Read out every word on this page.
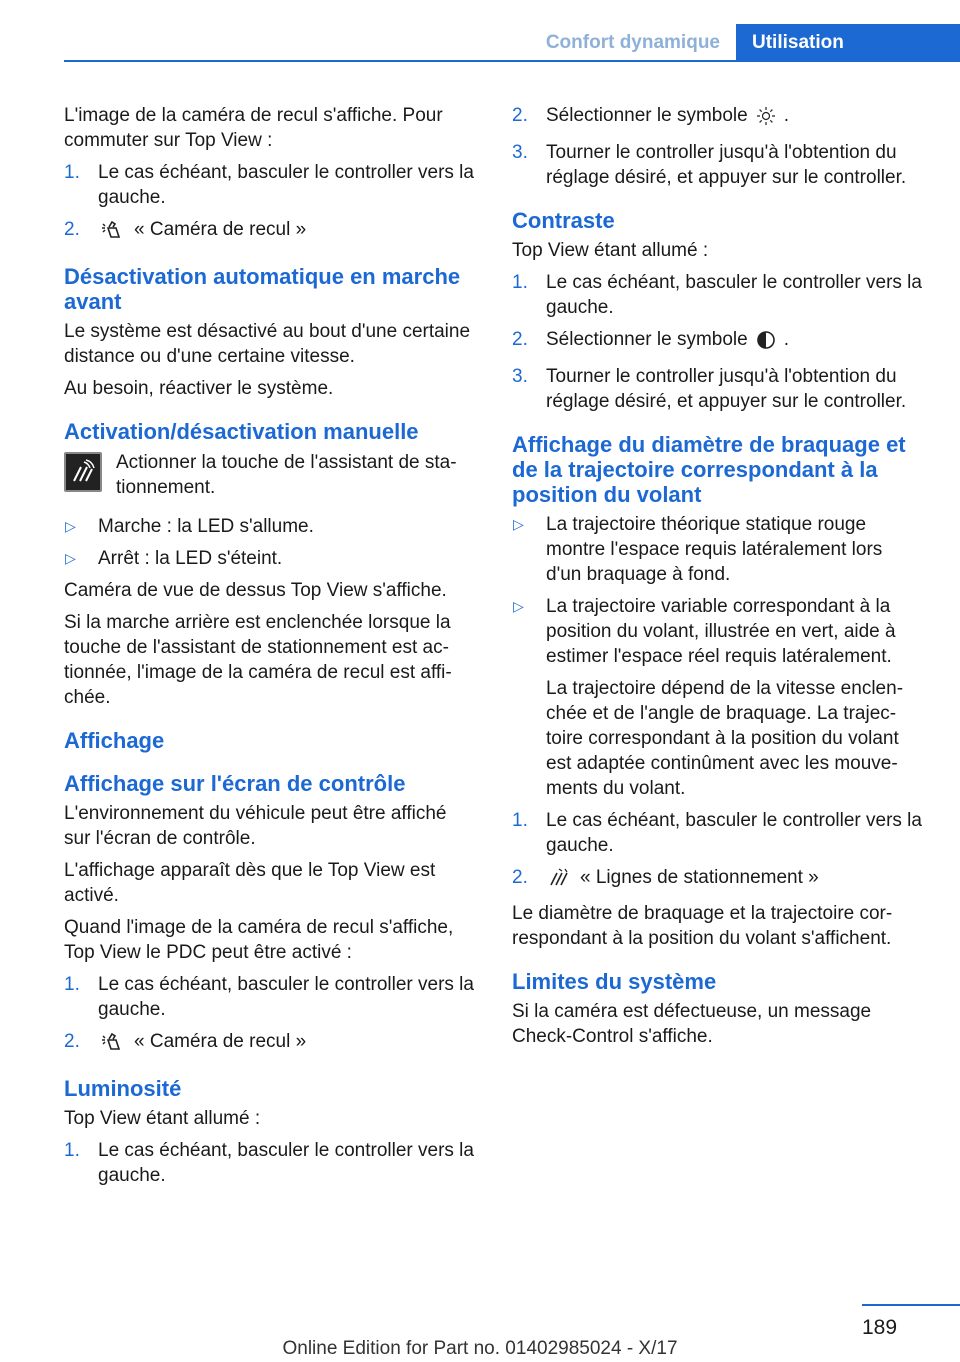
Confort dynamique	Utilisation

L'image de la caméra de recul s'affiche. Pour commuter sur Top View :

1. Le cas échéant, basculer le controller vers la gauche.
2.	« Caméra de recul »
Désactivation automatique en marche avant

Le système est désactivé au bout d'une certaine distance ou d'une certaine vitesse.

Au besoin, réactiver le système.

Activation/désactivation manuelle
Actionner la touche de l'assistant de stationnement.
▷ Marche : la LED s'allume.
▷ Arrêt : la LED s'éteint.

Caméra de vue de dessus Top View s'affiche.

Si la marche arrière est enclenchée lorsque la touche de l'assistant de stationnement est actionnée, l'image de la caméra de recul est affichée.

Affichage
Affichage sur l'écran de contrôle

L'environnement du véhicule peut être affiché sur l'écran de contrôle.

L'affichage apparaît dès que le Top View est activé.

Quand l'image de la caméra de recul s'affiche, Top View le PDC peut être activé :

1. Le cas échéant, basculer le controller vers la gauche.
2.	« Caméra de recul »
Luminosité

Top View étant allumé :

1. Le cas échéant, basculer le controller vers la gauche.
2. Sélectionner le symbole .
3. Tourner le controller jusqu'à l'obtention du réglage désiré, et appuyer sur le controller.
Contraste

Top View étant allumé :

1. Le cas échéant, basculer le controller vers la gauche.
2. Sélectionner le symbole .
3. Tourner le controller jusqu'à l'obtention du réglage désiré, et appuyer sur le controller.
Affichage du diamètre de braquage et de la trajectoire correspondant à la position du volant
▷ La trajectoire théorique statique rouge montre l'espace requis latéralement lors d'un braquage à fond.
▷ La trajectoire variable correspondant à la position du volant, illustrée en vert, aide à estimer l'espace réel requis latéralement.
La trajectoire dépend de la vitesse enclenchée et de l'angle de braquage. La trajectoire correspondant à la position du volant est adaptée continûment avec les mouvements du volant.
1. Le cas échéant, basculer le controller vers la gauche.
2.	« Lignes de stationnement »

Le diamètre de braquage et la trajectoire correspondant à la position du volant s'affichent.

Limites du système

Si la caméra est défectueuse, un message Check-Control s'affiche.

189
Online Edition for Part no. 01402985024 - X/17
